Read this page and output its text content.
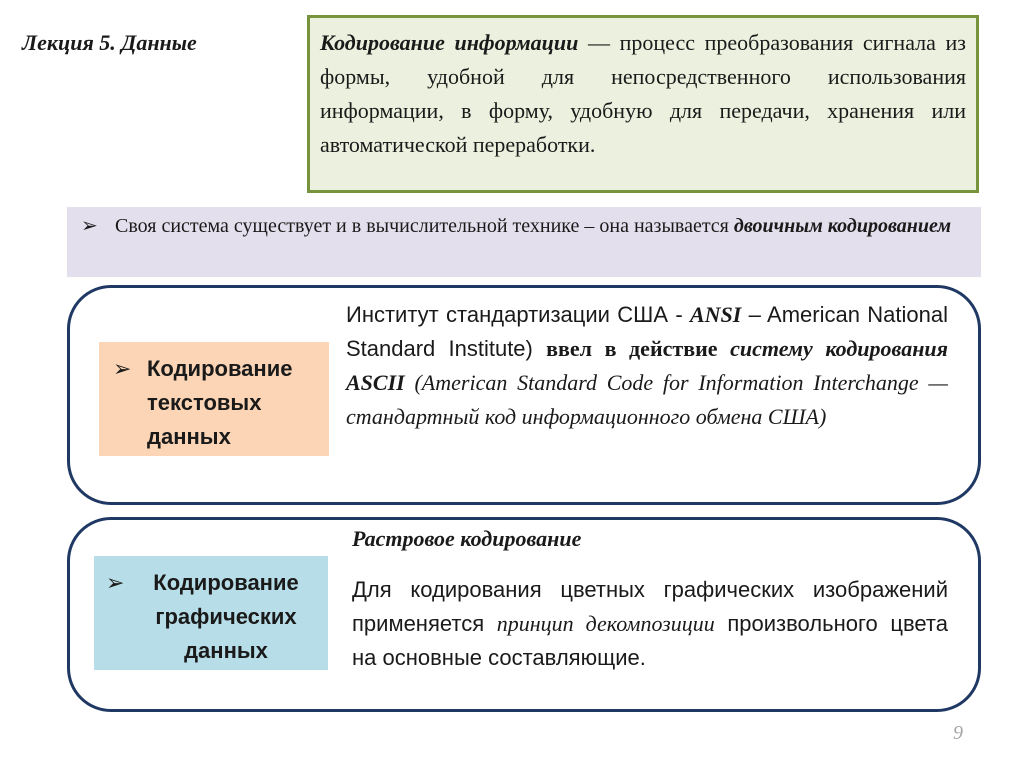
Лекция 5. Данные	Кодирование информации — процесс преобразования сигнала из формы, удобной для непосредственного использования информации, в форму, удобную для передачи, хранения или автоматической переработки.
➢ Своя система существует и в вычислительной технике – она называется двоичным кодированием
➢ Кодирование текстовых данных
Институт стандартизации США - ANSI – American National Standard Institute) ввел в действие систему кодирования ASCII (American Standard Code for Information Interchange — стандартный код информационного обмена США)
➢ Кодирование графических данных
Растровое кодирование
Для кодирования цветных графических изображений применяется принцип декомпозиции произвольного цвета на основные составляющие.
9
